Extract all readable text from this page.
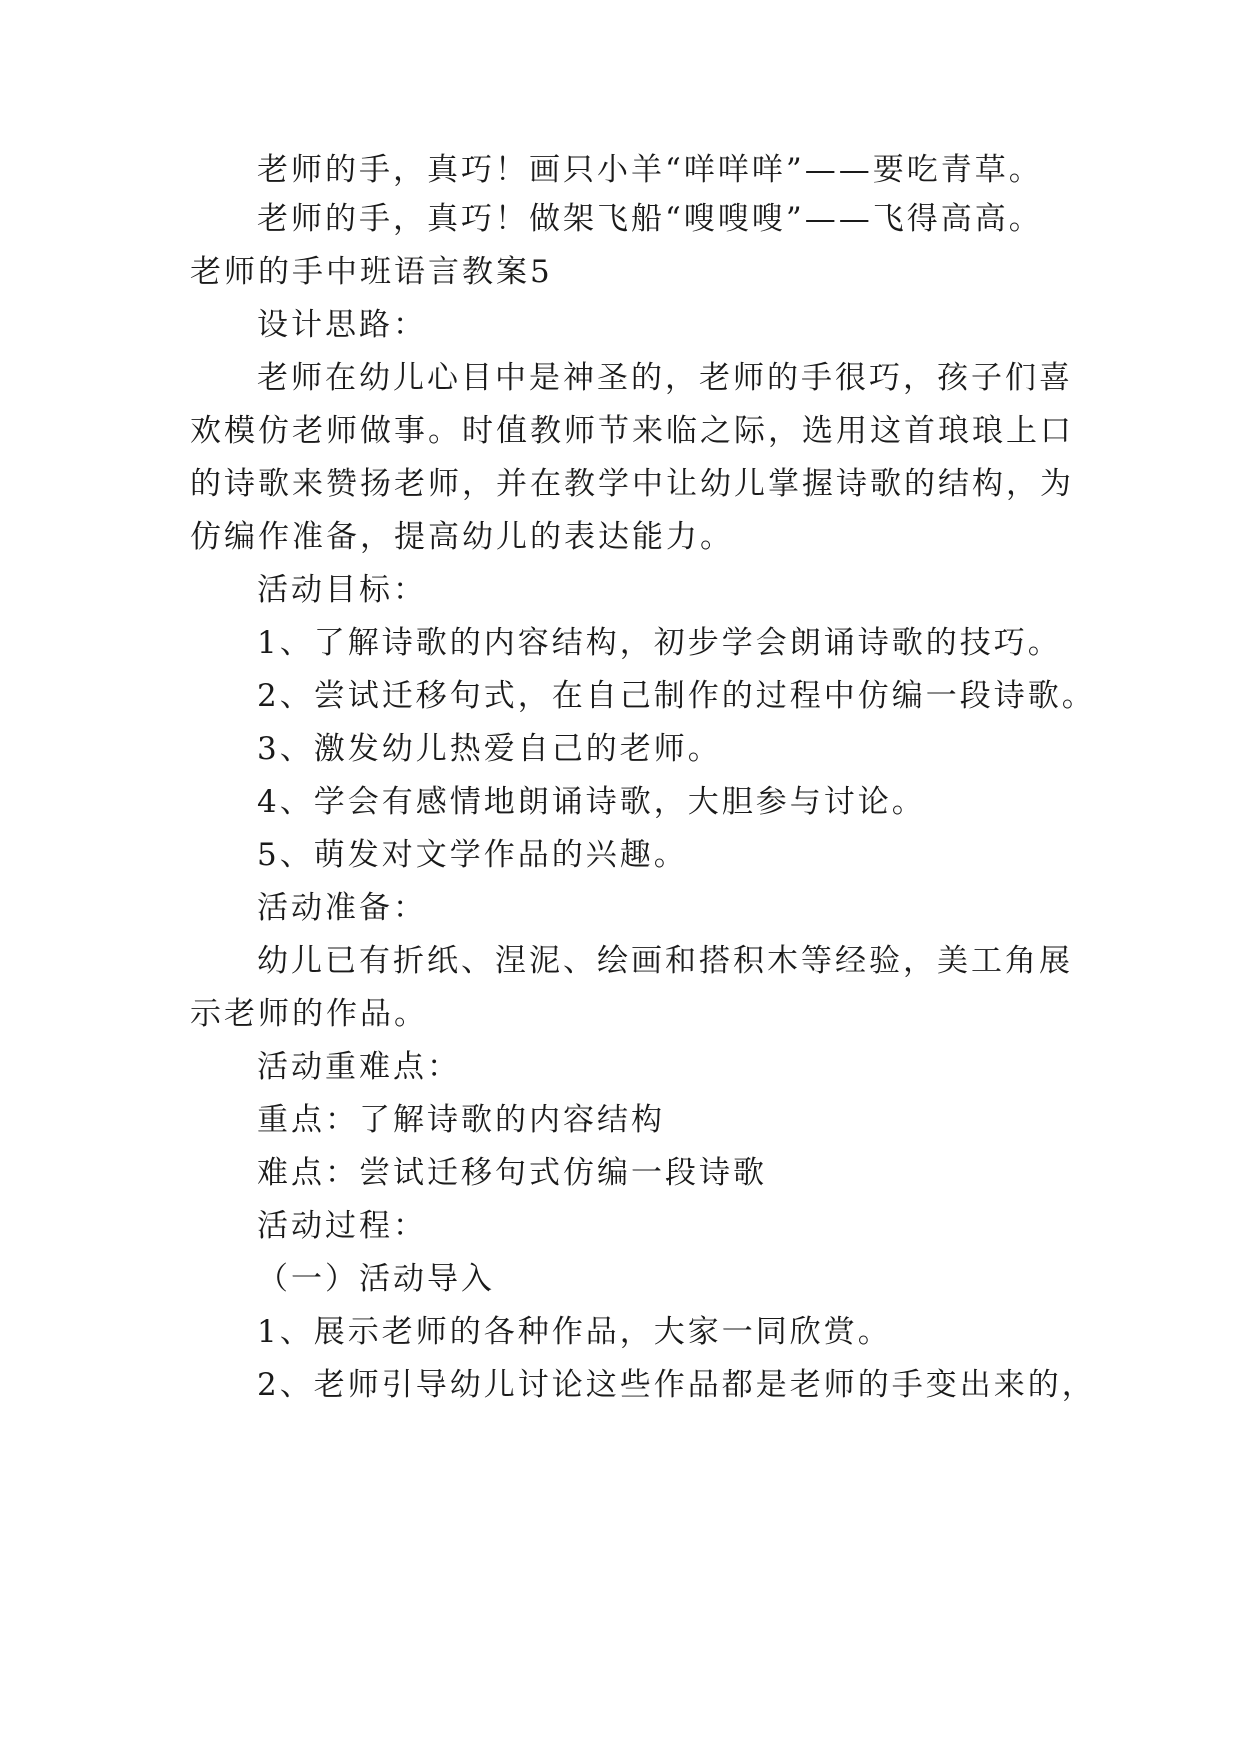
老师的手，真巧！画只小羊“咩咩咩”——要吃青草。
老师的手，真巧！做架飞船“嗖嗖嗖”——飞得高高。
老师的手中班语言教案5
设计思路：
老师在幼儿心目中是神圣的，老师的手很巧，孩子们喜
欢模仿老师做事。时值教师节来临之际，选用这首琅琅上口
的诗歌来赞扬老师，并在教学中让幼儿掌握诗歌的结构，为
仿编作准备，提高幼儿的表达能力。
活动目标：
1、了解诗歌的内容结构，初步学会朗诵诗歌的技巧。
2、尝试迁移句式，在自己制作的过程中仿编一段诗歌。
3、激发幼儿热爱自己的老师。
4、学会有感情地朗诵诗歌，大胆参与讨论。
5、萌发对文学作品的兴趣。
活动准备：
幼儿已有折纸、涅泥、绘画和搭积木等经验，美工角展
示老师的作品。
活动重难点：
重点：了解诗歌的内容结构
难点：尝试迁移句式仿编一段诗歌
活动过程：
（一）活动导入
1、展示老师的各种作品，大家一同欣赏。
2、老师引导幼儿讨论这些作品都是老师的手变出来的，
